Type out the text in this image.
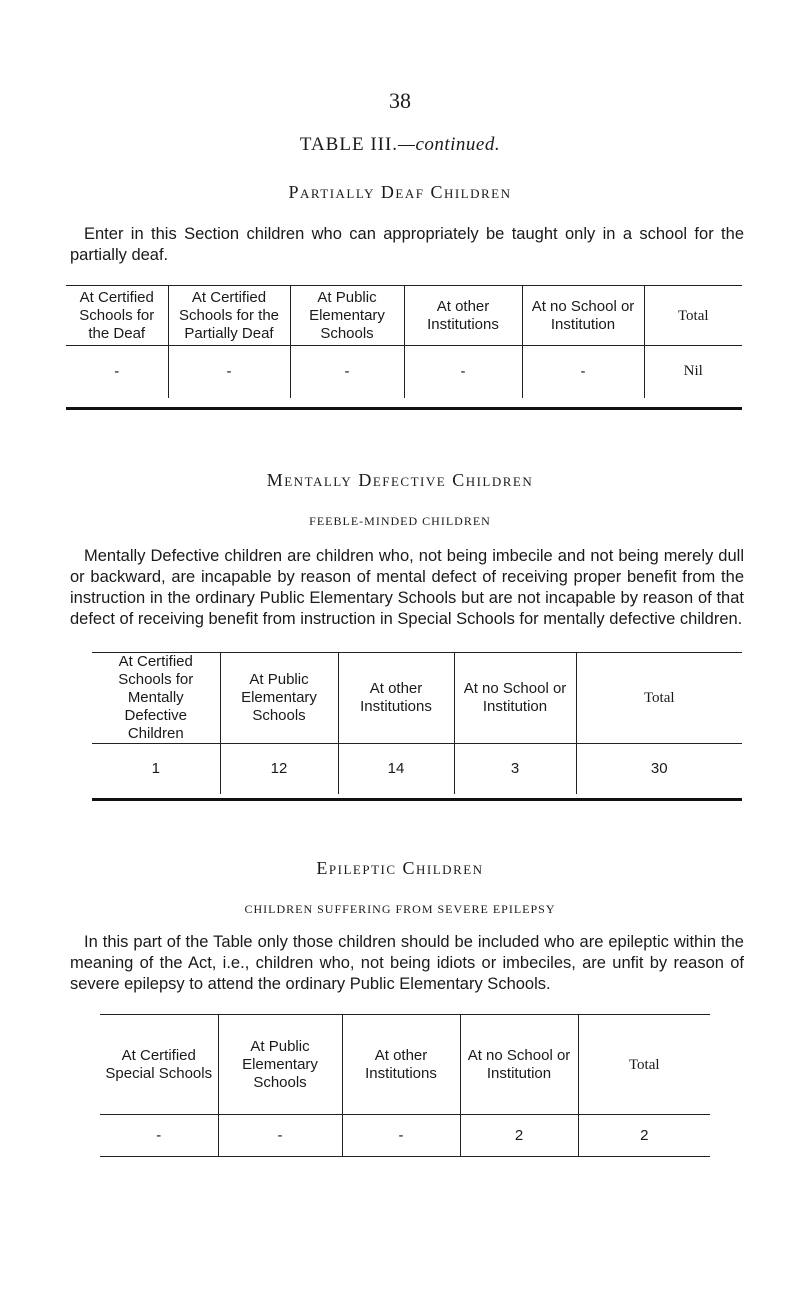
38
TABLE III.—continued.
Partially Deaf Children
Enter in this Section children who can appropriately be taught only in a school for the partially deaf.
At Certified Schools for the Deaf	At Certified Schools for the Partially Deaf	At Public Elementary Schools	At other Institutions	At no School or Institution	Total
-	-	-	-	-	Nil
Mentally Defective Children
FEEBLE-MINDED CHILDREN
Mentally Defective children are children who, not being imbecile and not being merely dull or backward, are incapable by reason of mental defect of receiving proper benefit from the instruction in the ordinary Public Elementary Schools but are not incapable by reason of that defect of receiving benefit from instruction in Special Schools for mentally defective children.
At Certified Schools for Mentally Defective Children	At Public Elementary Schools	At other Institutions	At no School or Institution	Total
1	12	14	3	30
Epileptic Children
CHILDREN SUFFERING FROM SEVERE EPILEPSY
In this part of the Table only those children should be included who are epileptic within the meaning of the Act, i.e., children who, not being idiots or imbeciles, are unfit by reason of severe epilepsy to attend the ordinary Public Elementary Schools.
At Certified Special Schools	At Public Elementary Schools	At other Institutions	At no School or Institution	Total
-	-	-	2	2
